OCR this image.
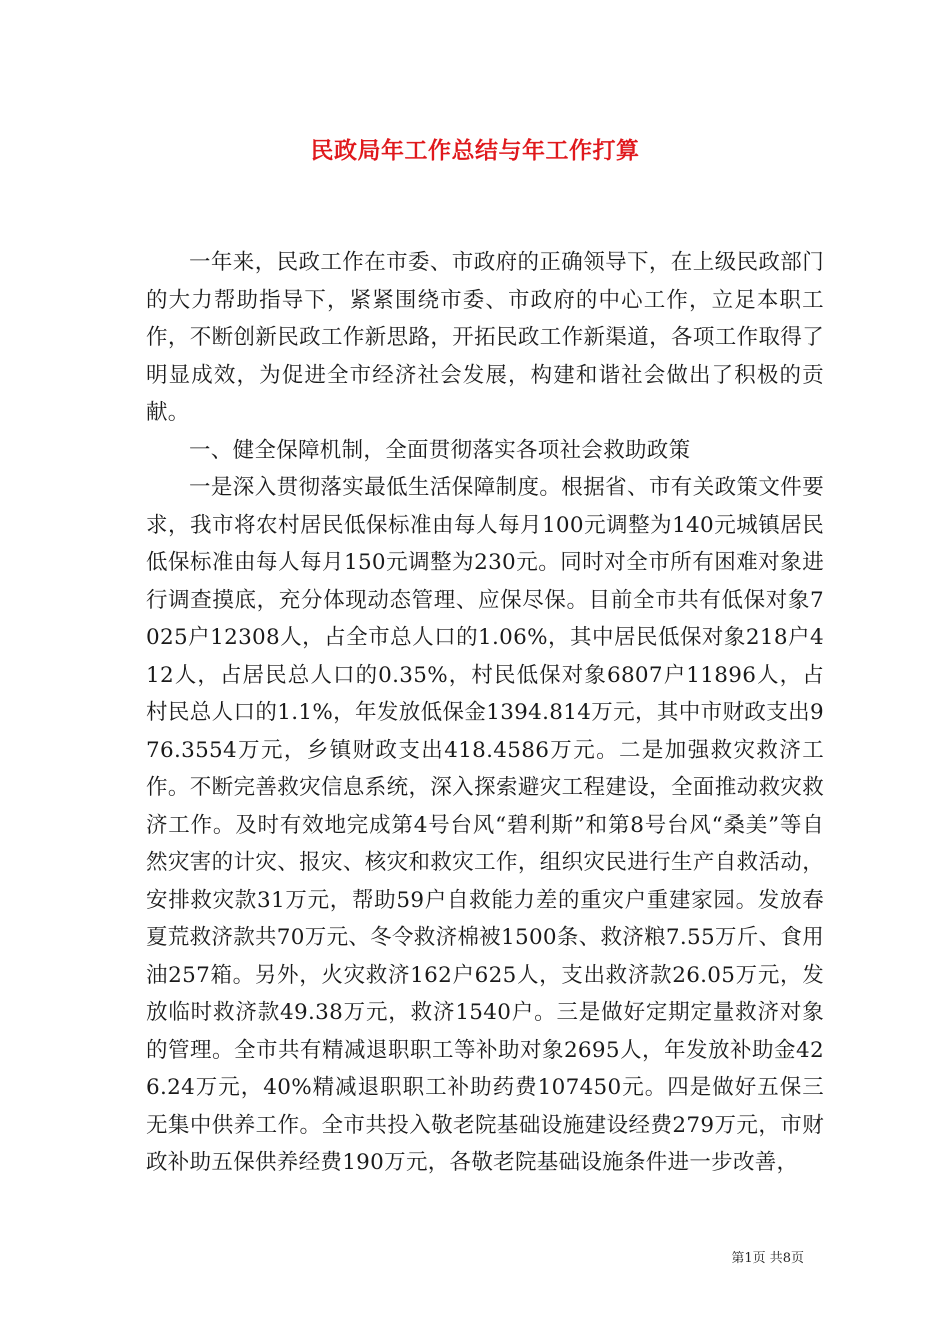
民政局年工作总结与年工作打算

一年来，民政工作在市委、市政府的正确领导下，在上级民政部门的大力帮助指导下，紧紧围绕市委、市政府的中心工作，立足本职工作，不断创新民政工作新思路，开拓民政工作新渠道，各项工作取得了明显成效，为促进全市经济社会发展，构建和谐社会做出了积极的贡献。

一、健全保障机制，全面贯彻落实各项社会救助政策

一是深入贯彻落实最低生活保障制度。根据省、市有关政策文件要求，我市将农村居民低保标准由每人每月100元调整为140元城镇居民低保标准由每人每月150元调整为230元。同时对全市所有困难对象进行调查摸底，充分体现动态管理、应保尽保。目前全市共有低保对象7025户12308人，占全市总人口的1.06%，其中居民低保对象218户412人，占居民总人口的0.35%，村民低保对象6807户11896人，占村民总人口的1.1%，年发放低保金1394.814万元，其中市财政支出976.3554万元，乡镇财政支出418.4586万元。二是加强救灾救济工作。不断完善救灾信息系统，深入探索避灾工程建设，全面推动救灾救济工作。及时有效地完成第4号台风“碧利斯”和第8号台风“桑美”等自然灾害的计灾、报灾、核灾和救灾工作，组织灾民进行生产自救活动，安排救灾款31万元，帮助59户自救能力差的重灾户重建家园。发放春夏荒救济款共70万元、冬令救济棉被1500条、救济粮7.55万斤、食用油257箱。另外，火灾救济162户625人，支出救济款26.05万元，发放临时救济款49.38万元，救济1540户。三是做好定期定量救济对象的管理。全市共有精减退职职工等补助对象2695人，年发放补助金426.24万元，40%精减退职职工补助药费107450元。四是做好五保三无集中供养工作。全市共投入敬老院基础设施建设经费279万元，市财政补助五保供养经费190万元，各敬老院基础设施条件进一步改善，

第1页 共8页
